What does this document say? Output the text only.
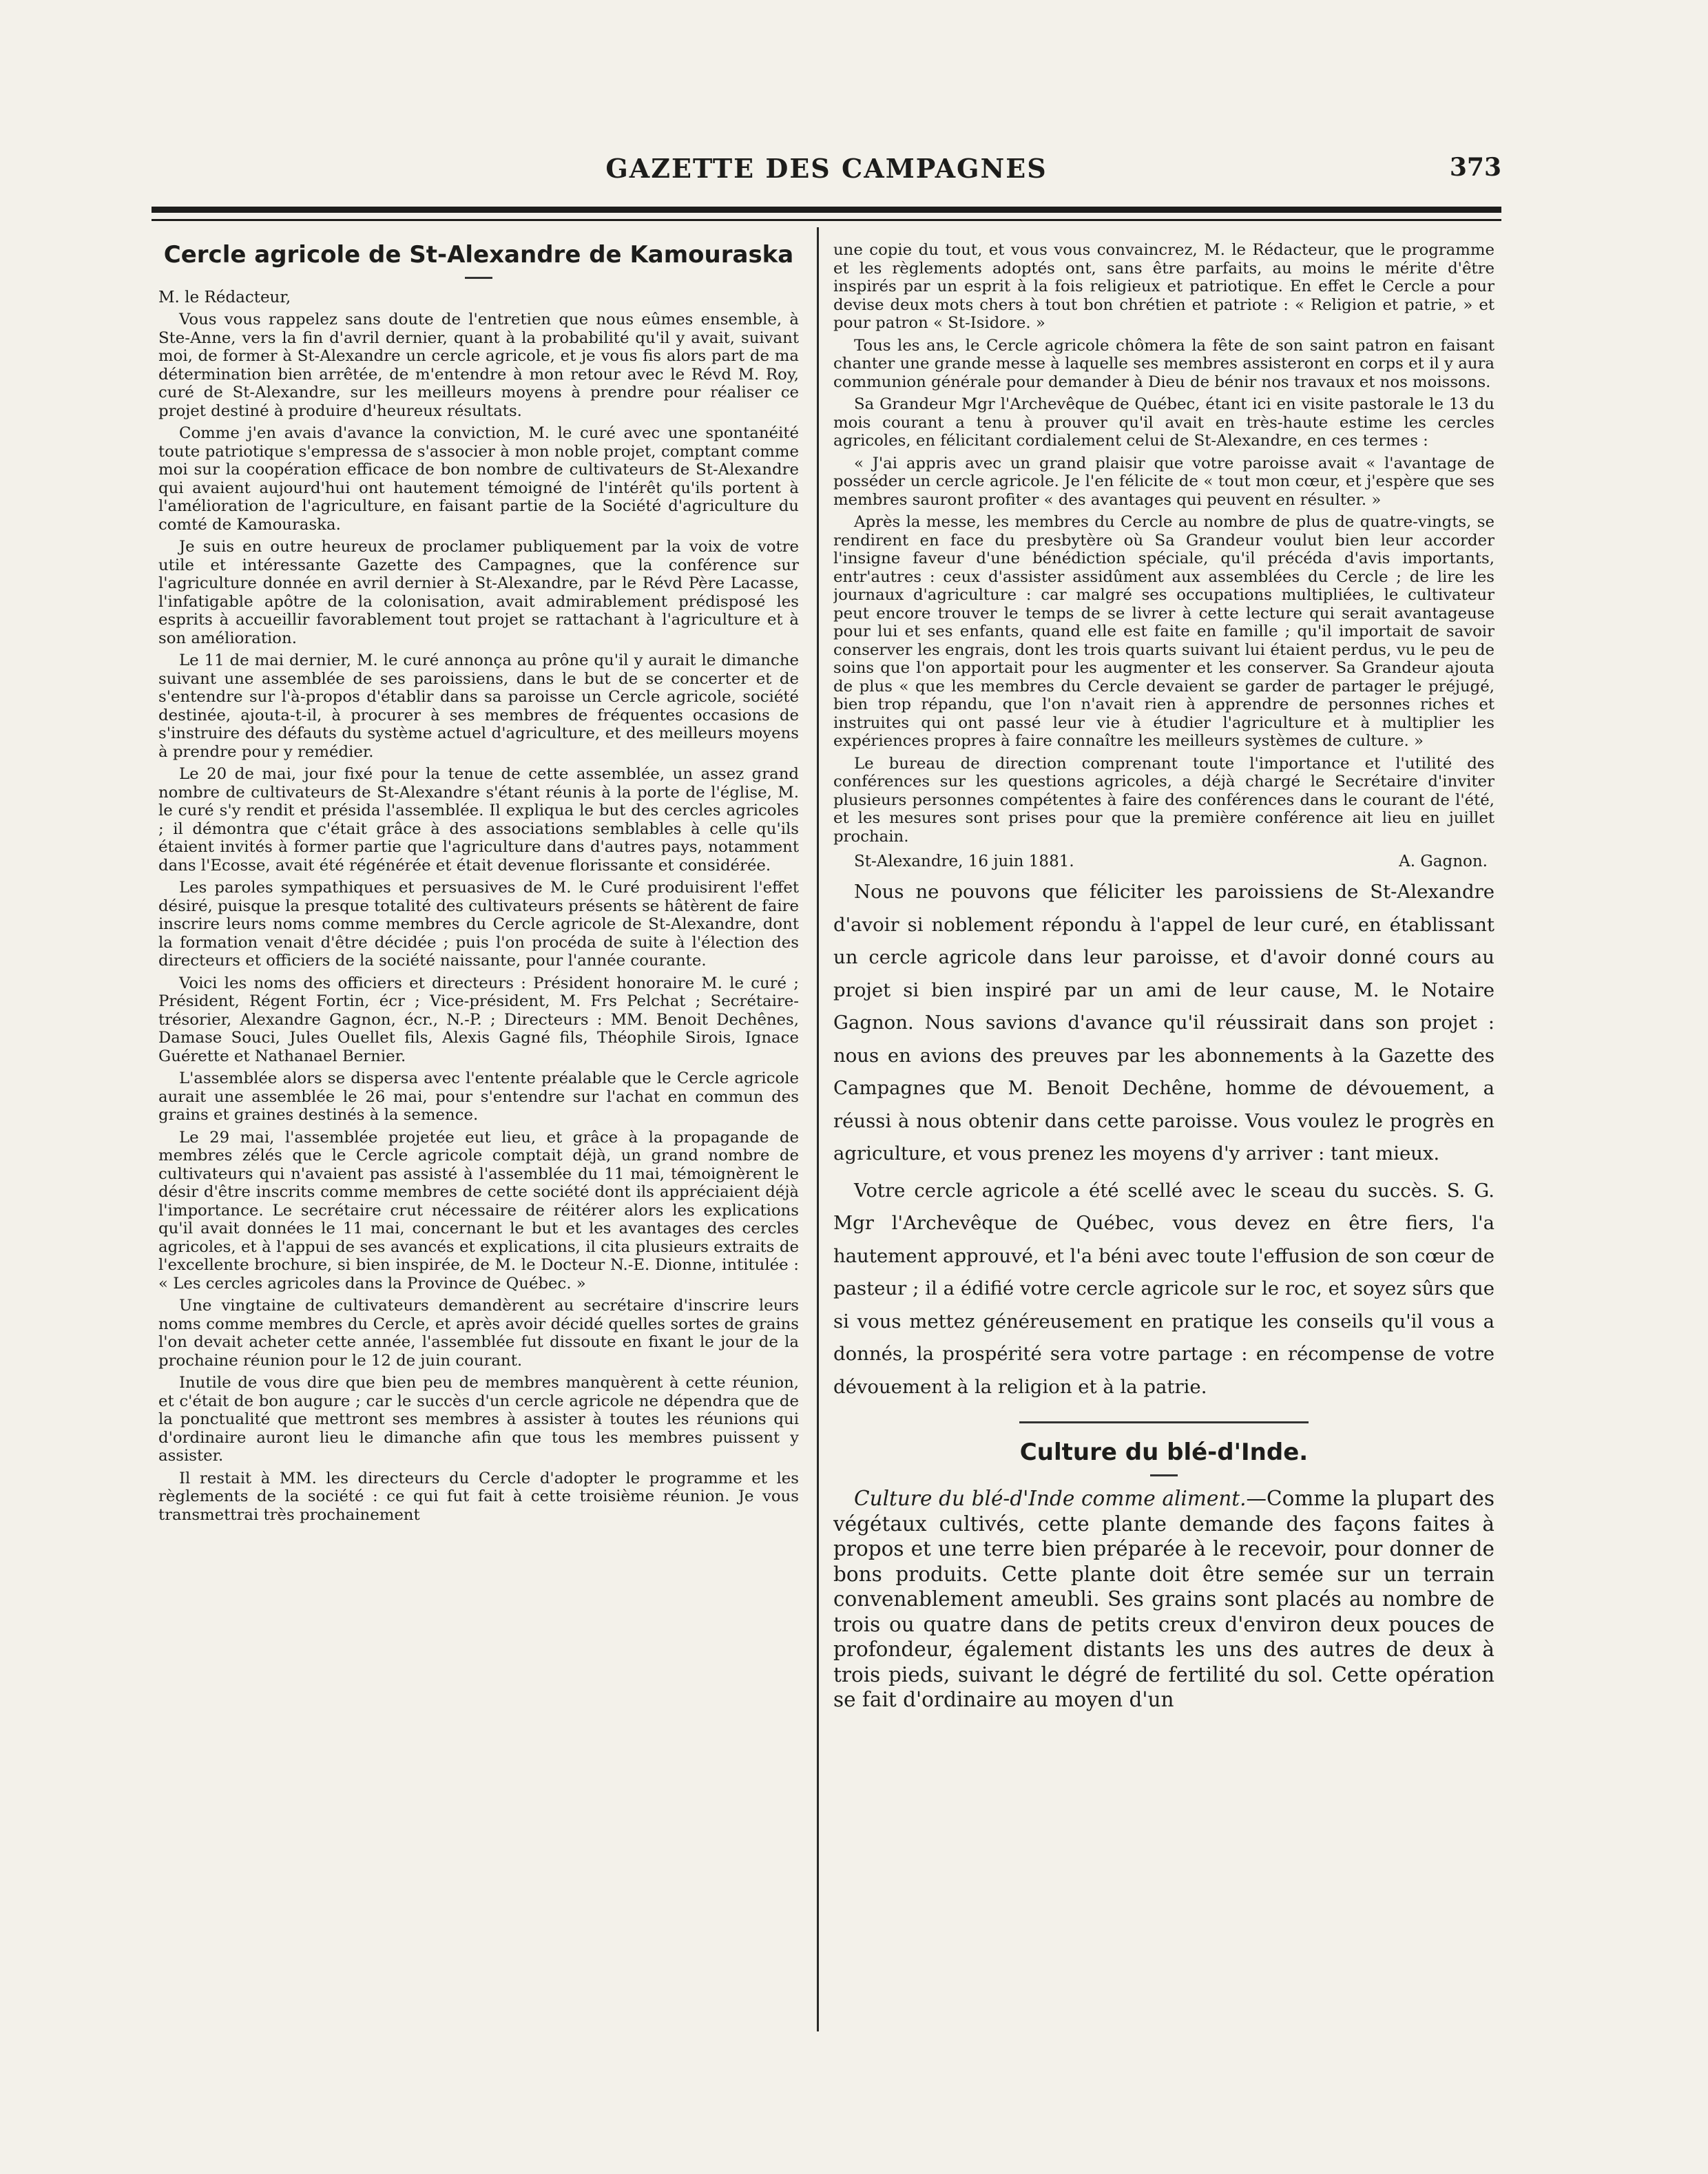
GAZETTE DES CAMPAGNES	373
Cercle agricole de St-Alexandre de Kamouraska
M. le Rédacteur,

Vous vous rappelez sans doute de l'entretien que nous eûmes ensemble, à Ste-Anne, vers la fin d'avril dernier, quant à la probabilité qu'il y avait, suivant moi, de former à St-Alexandre un cercle agricole, et je vous fis alors part de ma détermination bien arrêtée, de m'entendre à mon retour avec le Révd M. Roy, curé de St-Alexandre, sur les meilleurs moyens à prendre pour réaliser ce projet destiné à produire d'heureux résultats.

Comme j'en avais d'avance la conviction, M. le curé avec une spontanéité toute patriotique s'empressa de s'associer à mon noble projet, comptant comme moi sur la coopération efficace de bon nombre de cultivateurs de St-Alexandre qui avaient aujourd'hui ont hautement témoigné de l'intérêt qu'ils portent à l'amélioration de l'agriculture, en faisant partie de la Société d'agriculture du comté de Kamouraska.

Je suis en outre heureux de proclamer publiquement par la voix de votre utile et intéressante Gazette des Campagnes, que la conférence sur l'agriculture donnée en avril dernier à St-Alexandre, par le Révd Père Lacasse, l'infatigable apôtre de la colonisation, avait admirablement prédisposé les esprits à accueillir favorablement tout projet se rattachant à l'agriculture et à son amélioration.

Le 11 de mai dernier, M. le curé annonça au prône qu'il y aurait le dimanche suivant une assemblée de ses paroissiens, dans le but de se concerter et de s'entendre sur l'à-propos d'établir dans sa paroisse un Cercle agricole, société destinée, ajouta-t-il, à procurer à ses membres de fréquentes occasions de s'instruire des défauts du système actuel d'agriculture, et des meilleurs moyens à prendre pour y remédier.

Le 20 de mai, jour fixé pour la tenue de cette assemblée, un assez grand nombre de cultivateurs de St-Alexandre s'étant réunis à la porte de l'église, M. le curé s'y rendit et présida l'assemblée. Il expliqua le but des cercles agricoles ; il démontra que c'était grâce à des associations semblables à celle qu'ils étaient invités à former partie que l'agriculture dans d'autres pays, notamment dans l'Ecosse, avait été régénérée et était devenue florissante et considérée.

Les paroles sympathiques et persuasives de M. le Curé produisirent l'effet désiré, puisque la presque totalité des cultivateurs présents se hâtèrent de faire inscrire leurs noms comme membres du Cercle agricole de St-Alexandre, dont la formation venait d'être décidée ; puis l'on procéda de suite à l'élection des directeurs et officiers de la société naissante, pour l'année courante.

Voici les noms des officiers et directeurs : Président honoraire M. le curé ; Président, Régent Fortin, écr ; Vice-président, M. Frs Pelchat ; Secrétaire-trésorier, Alexandre Gagnon, écr., N.-P. ; Directeurs : MM. Benoit Dechênes, Damase Souci, Jules Ouellet fils, Alexis Gagné fils, Théophile Sirois, Ignace Guérette et Nathanael Bernier.

L'assemblée alors se dispersa avec l'entente préalable que le Cercle agricole aurait une assemblée le 26 mai, pour s'entendre sur l'achat en commun des grains et graines destinés à la semence.

Le 29 mai, l'assemblée projetée eut lieu, et grâce à la propagande de membres zélés que le Cercle agricole comptait déjà, un grand nombre de cultivateurs qui n'avaient pas assisté à l'assemblée du 11 mai, témoignèrent le désir d'être inscrits comme membres de cette société dont ils appréciaient déjà l'importance. Le secrétaire crut nécessaire de réitérer alors les explications qu'il avait données le 11 mai, concernant le but et les avantages des cercles agricoles, et à l'appui de ses avancés et explications, il cita plusieurs extraits de l'excellente brochure, si bien inspirée, de M. le Docteur N.-E. Dionne, intitulée : « Les cercles agricoles dans la Province de Québec. »

Une vingtaine de cultivateurs demandèrent au secrétaire d'inscrire leurs noms comme membres du Cercle, et après avoir décidé quelles sortes de grains l'on devait acheter cette année, l'assemblée fut dissoute en fixant le jour de la prochaine réunion pour le 12 de juin courant.

Inutile de vous dire que bien peu de membres manquèrent à cette réunion, et c'était de bon augure ; car le succès d'un cercle agricole ne dépendra que de la ponctualité que mettront ses membres à assister à toutes les réunions qui d'ordinaire auront lieu le dimanche afin que tous les membres puissent y assister.

Il restait à MM. les directeurs du Cercle d'adopter le programme et les règlements de la société : ce qui fut fait à cette troisième réunion. Je vous transmettrai très prochainement

une copie du tout, et vous vous convaincrez, M. le Rédacteur, que le programme et les règlements adoptés ont, sans être parfaits, au moins le mérite d'être inspirés par un esprit à la fois religieux et patriotique. En effet le Cercle a pour devise deux mots chers à tout bon chrétien et patriote : « Religion et patrie, » et pour patron « St-Isidore. »

Tous les ans, le Cercle agricole chômera la fête de son saint patron en faisant chanter une grande messe à laquelle ses membres assisteront en corps et il y aura communion générale pour demander à Dieu de bénir nos travaux et nos moissons.

Sa Grandeur Mgr l'Archevêque de Québec, étant ici en visite pastorale le 13 du mois courant a tenu à prouver qu'il avait en très-haute estime les cercles agricoles, en félicitant cordialement celui de St-Alexandre, en ces termes :

« J'ai appris avec un grand plaisir que votre paroisse avait « l'avantage de posséder un cercle agricole. Je l'en félicite de « tout mon cœur, et j'espère que ses membres sauront profiter « des avantages qui peuvent en résulter. »

Après la messe, les membres du Cercle au nombre de plus de quatre-vingts, se rendirent en face du presbytère où Sa Grandeur voulut bien leur accorder l'insigne faveur d'une bénédiction spéciale, qu'il précéda d'avis importants, entr'autres : ceux d'assister assidûment aux assemblées du Cercle ; de lire les journaux d'agriculture : car malgré ses occupations multipliées, le cultivateur peut encore trouver le temps de se livrer à cette lecture qui serait avantageuse pour lui et ses enfants, quand elle est faite en famille ; qu'il importait de savoir conserver les engrais, dont les trois quarts suivant lui étaient perdus, vu le peu de soins que l'on apportait pour les augmenter et les conserver. Sa Grandeur ajouta de plus « que les membres du Cercle devaient se garder de partager le préjugé, bien trop répandu, que l'on n'avait rien à apprendre de personnes riches et instruites qui ont passé leur vie à étudier l'agriculture et à multiplier les expériences propres à faire connaître les meilleurs systèmes de culture. »

Le bureau de direction comprenant toute l'importance et l'utilité des conférences sur les questions agricoles, a déjà chargé le Secrétaire d'inviter plusieurs personnes compétentes à faire des conférences dans le courant de l'été, et les mesures sont prises pour que la première conférence ait lieu en juillet prochain.

St-Alexandre, 16 juin 1881.	A. Gagnon.

Nous ne pouvons que féliciter les paroissiens de St-Alexandre d'avoir si noblement répondu à l'appel de leur curé, en établissant un cercle agricole dans leur paroisse, et d'avoir donné cours au projet si bien inspiré par un ami de leur cause, M. le Notaire Gagnon. Nous savions d'avance qu'il réussirait dans son projet : nous en avions des preuves par les abonnements à la Gazette des Campagnes que M. Benoit Dechêne, homme de dévouement, a réussi à nous obtenir dans cette paroisse. Vous voulez le progrès en agriculture, et vous prenez les moyens d'y arriver : tant mieux.

Votre cercle agricole a été scellé avec le sceau du succès. S. G. Mgr l'Archevêque de Québec, vous devez en être fiers, l'a hautement approuvé, et l'a béni avec toute l'effusion de son cœur de pasteur ; il a édifié votre cercle agricole sur le roc, et soyez sûrs que si vous mettez généreusement en pratique les conseils qu'il vous a donnés, la prospérité sera votre partage : en récompense de votre dévouement à la religion et à la patrie.

Culture du blé-d'Inde.

Culture du blé-d'Inde comme aliment.—Comme la plupart des végétaux cultivés, cette plante demande des façons faites à propos et une terre bien préparée à le recevoir, pour donner de bons produits. Cette plante doit être semée sur un terrain convenablement ameubli. Ses grains sont placés au nombre de trois ou quatre dans de petits creux d'environ deux pouces de profondeur, également distants les uns des autres de deux à trois pieds, suivant le dégré de fertilité du sol. Cette opération se fait d'ordinaire au moyen d'un
